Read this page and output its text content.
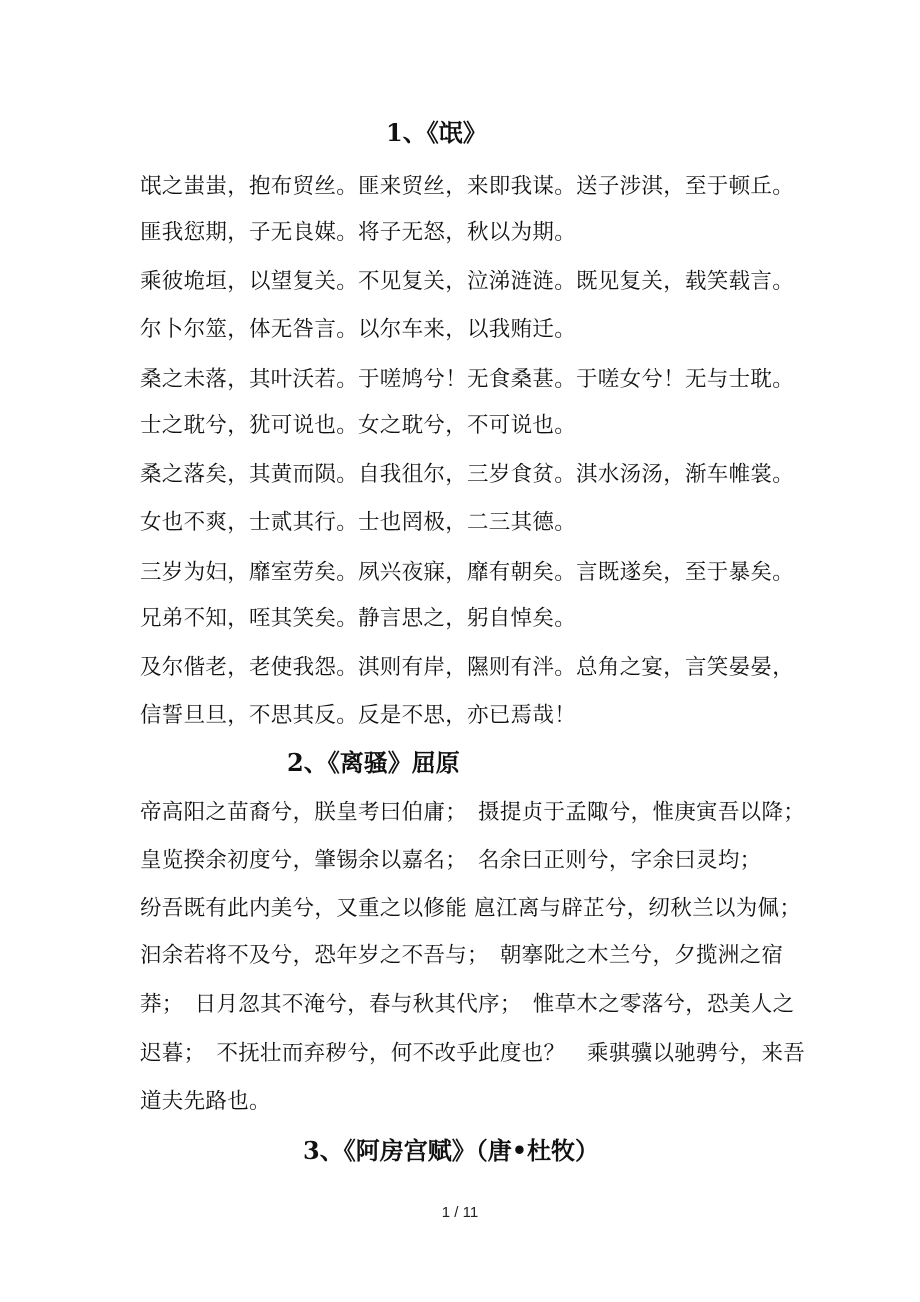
1、《氓》
氓之蚩蚩，抱布贸丝。匪来贸丝，来即我谋。送子涉淇，至于顿丘。
匪我愆期，子无良媒。将子无怒，秋以为期。
乘彼垝垣，以望复关。不见复关，泣涕涟涟。既见复关，载笑载言。
尔卜尔筮，体无咎言。以尔车来，以我贿迁。
桑之未落，其叶沃若。于嗟鸠兮！无食桑葚。于嗟女兮！无与士耽。
士之耽兮，犹可说也。女之耽兮，不可说也。
桑之落矣，其黄而陨。自我徂尔，三岁食贫。淇水汤汤，渐车帷裳。
女也不爽，士贰其行。士也罔极，二三其德。
三岁为妇，靡室劳矣。夙兴夜寐，靡有朝矣。言既遂矣，至于暴矣。
兄弟不知，咥其笑矣。静言思之，躬自悼矣。
及尔偕老，老使我怨。淇则有岸，隰则有泮。总角之宴，言笑晏晏，
信誓旦旦，不思其反。反是不思，亦已焉哉！
2、《离骚》屈原
帝高阳之苗裔兮，朕皇考曰伯庸；　摄提贞于孟陬兮，惟庚寅吾以降；
皇览揆余初度兮，肇锡余以嘉名；　名余曰正则兮，字余曰灵均；
纷吾既有此内美兮，又重之以修能 扈江离与辟芷兮，纫秋兰以为佩；
汩余若将不及兮，恐年岁之不吾与；　朝搴阰之木兰兮，夕揽洲之宿
莽；　日月忽其不淹兮，春与秋其代序；　惟草木之零落兮，恐美人之
迟暮；　不抚壮而弃秽兮，何不改乎此度也？　乘骐骥以驰骋兮，来吾
道夫先路也。
3、《阿房宫赋》（唐•杜牧）
1 / 11
